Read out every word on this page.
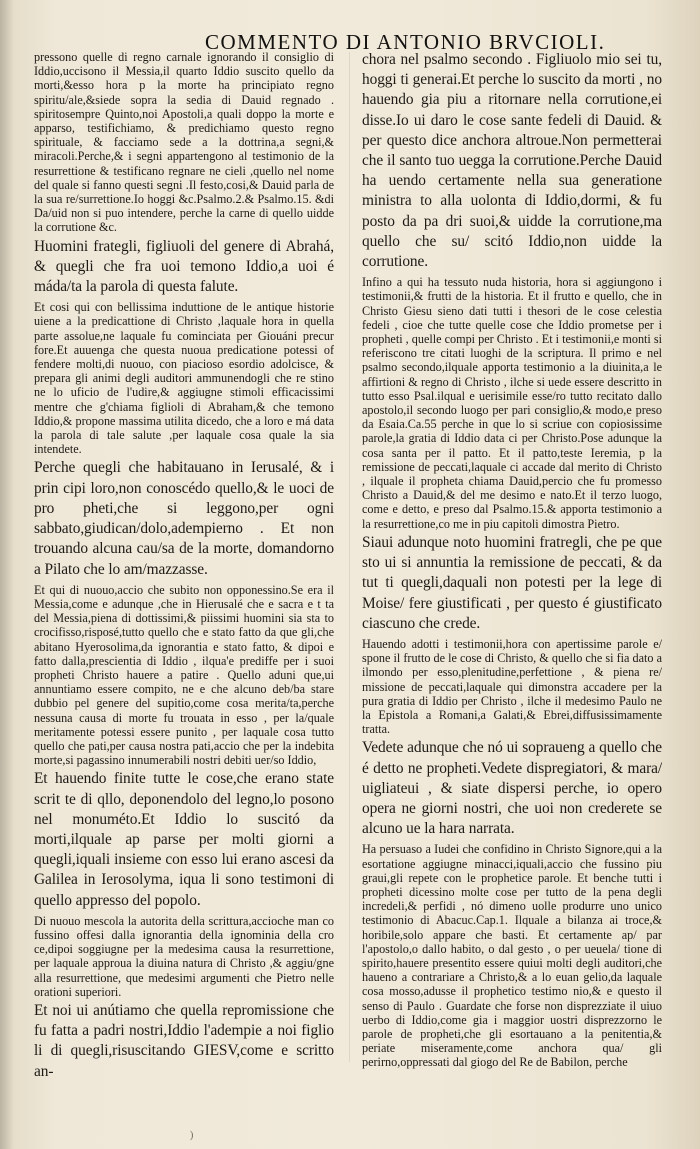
COMMENTO DI ANTONIO BRVCIOLI.

pressono quelle di regno carnale ignorando il consiglio di Iddio,uccisono il Messia,il quarto Iddio suscito quello da morti,&esso hora p la morte ha principiato regno spiritu/ale,&siede sopra la sedia di Dauid regnado . spiritosempre Quinto,noi Apostoli,a quali doppo la morte e apparso, testifichiamo, & predichiamo questo regno spirituale, & facciamo sede a la dottrina,a segni,& miracoli.Perche,& i segni appartengono al testimonio de la resurrettione & testificano regnare ne cieli ,quello nel nome del quale si fanno questi segni .Il festo,cosi,& Dauid parla de la sua re/surrettione.Io hoggi &c.Psalmo.2.& Psalmo.15. &di Da/uid non si puo intendere, perche la carne di quello uidde la corrutione &c.

Huomini frategli, figliuoli del genere di Abrahá, & quegli che fra uoi temono Iddio,a uoi é máda/ta la parola di questa falute.

Et cosi qui con bellissima induttione de le antique historie uiene a la predicattione di Christo ,laquale hora in quella parte assolue,ne laquale fu cominciata per Giouáni precur fore.Et auuengа che questa nuoua predicatione potessi of fendere molti,di nuouo, con piacioso esordio adolcisce, & prepara gli animi degli auditori ammunendogli che re stino ne lo uficio de l'udire,& aggiugne stimoli efficacissimi mentre che g'chiama figlioli di Abraham,& che temono Iddio,& propone massima utilita dicedo, che a loro e má data la parola di tale salute ,per laquale cosa quale la sia intendete.

Perche quegli che habitauano in Ierusalé, & i prin cipi loro,non conoscédo quello,& le uoci de pro pheti,che si leggono,per ogni sabbato,giudican/dolo,adempierno . Et non trouando alcuna cau/sa de la morte, domandorno a Pilato che lo am/mazzasse.

Et qui di nuouo,accio che subito non opponessino.Se era il Messia,come e adunque ,che in Hierusalé che e sacra e t ta del Messia,piena di dottissimi,& piissimi huomini sia sta to crocifisso,risposé,tutto quello che e stato fatto da que gli,che abitano Hyerosolima,da ignorantia e stato fatto, & dipoi e fatto dalla,prescientia di Iddio , ilqua'e prediffe per i suoi propheti Christo hauere a patire . Quello aduni que,ui annuntiamo essere compito, ne e che alcuno deb/ba stare dubbio pel genere del supitio,come cosa merita/ta,perche nessuna causa di morte fu trouata in esso , per la/quale meritamente potessi essere punito , per laquale cosa tutto quello che pati,per causa nostra pati,accio che per la indebita morte,si pagassino innumerabili nostri debiti uer/so Iddio,

Et hauendo finite tutte le cose,che erano state scrit te di qllo, deponendolo del legno,lo posono nel monuméto.Et Iddio lo suscitó da morti,ilquale ap parse per molti giorni a quegli,iquali insieme con esso lui erano ascesi da Galilea in Ierosolyma, iqua li sono testimoni di quello appresso del popolo.

Di nuouo mescola la autorita della scrittura,accioche man co fussino offesi dalla ignorantia della ignominia della cro ce,dipoi soggiugne per la medesima causa la resurrettione, per laquale approua la diuina natura di Christo ,& aggiu/gne alla resurrettione, que medesimi argumenti che Pietro nelle orationi superiori.

Et noi ui anútiamo che quella repromissione che fu fatta a padri nostri,Iddio l'adempie a noi figlio li di quegli,risuscitando GIESV,come e scritto an-

chora nel psalmo secondo . Figliuolo mio sei tu, hoggi ti generai.Et perche lo suscito da morti , no hauendo gia piu a ritornare nella corrutione,ei disse.Io ui daro le cose sante fedeli di Dauid. & per questo dice anchora altroue.Non permetterai che il santo tuo uegga la corrutione.Perche Dauid ha uendo certamente nella sua generatione ministra to alla uolonta di Iddio,dormi, & fu posto da pa dri suoi,& uidde la corrutione,ma quello che su/ scitó Iddio,non uidde la corrutione.

Infino a qui ha tessuto nuda historia, hora si aggiungono i testimonii,& frutti de la historia. Et il frutto e quello, che in Christo Giesu sieno dati tutti i thesori de le cose celestia fedeli , cioe che tutte quelle cose che Iddio prometse per i propheti , quelle compi per Christo . Et i testimonii,e monti si referiscono tre citati luoghi de la scriptura. Il primo e nel psalmo secondo,ilquale apporta testimonio a la diuinita,a le affirtioni & regno di Christo , ilche si uede essere descritto in tutto esso Psal.ilqual e uerisimile esse/ro tutto recitato dallo apostolo,il secondo luogo per pari consiglio,& modo,e preso da Esaia.Ca.55 perche in que lo si scriue con copiosissime parole,la gratia di Iddio data ci per Christo.Pose adunque la cosa santa per il patto. Et il patto,teste Ieremia, p la remissione de peccati,laquale ci accade dal merito di Christo , ilquale il propheta chiama Dauid,percio che fu promesso Christo a Dauid,& del me desimo e nato.Et il terzo luogo, come e detto, e preso dal Psalmo.15.& apporta testimonio a la resurrettione,co me in piu capitoli dimostra Pietro.

Siaui adunque noto huomini fratregli, che pe que sto ui si annuntia la remissione de peccati, & da tut ti quegli,daquali non potesti per la lege di Moise/ fere giustificati , per questo é giustificato ciascuno che crede.

Hauendo adotti i testimonii,hora con apertissime parole e/ spone il frutto de le cose di Christo, & quello che si fia dato a ilmondo per esso,plenitudine,perfettione , & piena re/ missione de peccati,laquale qui dimonstra accadere per la pura gratia di Iddio per Christo , ilche il medesimo Paulo ne la Epistola a Romani,a Galati,& Ebrei,diffusissimamente tratta.

Vedete adunque che nó ui sopraueng a quello che é detto ne propheti.Vedete dispregiatori, & mara/ uigliateui , & siate dispersi perche, io opero opera ne giorni nostri, che uoi non crederete se alcuno ue la hara narrata.

Ha persuaso a Iudei che confidino in Christo Signore,qui a la esortatione aggiugne minacci,iquali,accio che fussino piu graui,gli repete con le prophetice parole. Et benche tutti i propheti dicessino molte cose per tutto de la pena degli incredeli,& perfidi , nó dimeno uolle produrre uno unico testimonio di Abacuc.Cap.1. Ilquale a bilanza ai troce,& horibile,solo appare che basti. Et certamente ap/ par l'apostolo,o dallo habito, o dal gesto , o per ueuela/ tione di spirito,hauere presentito essere quiui molti degli auditori,che haueno a contrariare a Christo,& a lo euan gelio,da laquale cosa mosso,adusse il prophetico testimo nio,& e questo il senso di Paulo . Guardate che forse non disprezziate il uiuo uerbo di Iddio,come gia i maggior uostri disprezzorno le parole de propheti,che gli esortauano a la penitentia,& periate miseramente,come anchora qua/ gli perirno,oppressati dal giogo del Re de Babilon, perche

)
